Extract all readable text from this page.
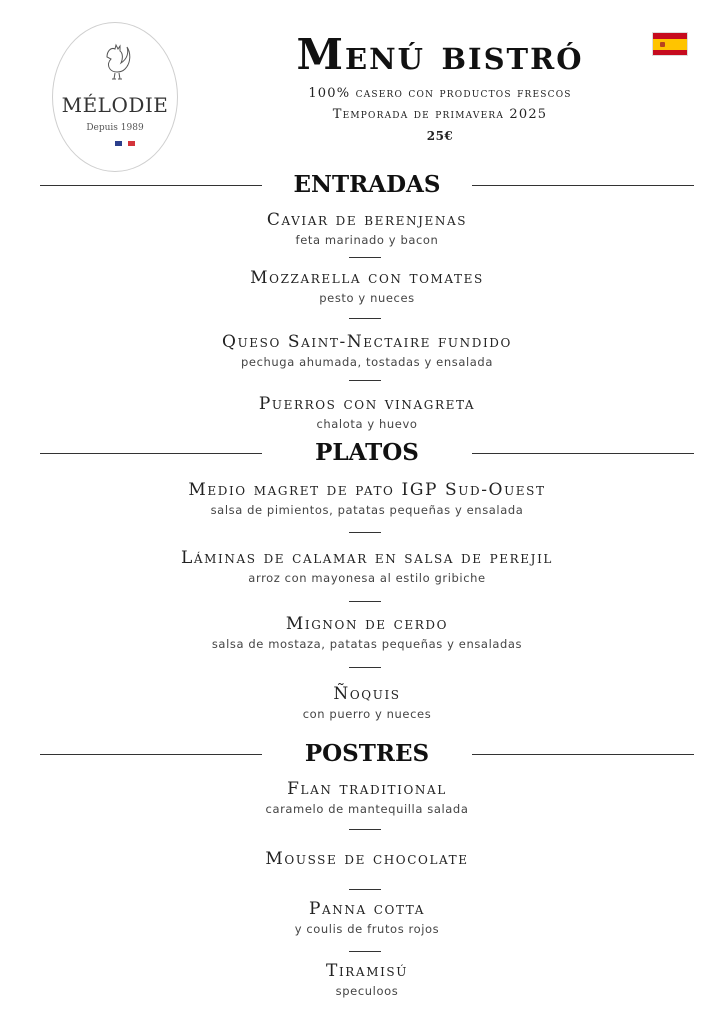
MÉLODIE
Depuis 1989
Menú bistró
100% casero con productos frescos
Temporada de primavera 2025
25€
ENTRADAS
Caviar de berenjenas
feta marinado y bacon
Mozzarella con tomates
pesto y nueces
Queso Saint-Nectaire fundido
pechuga ahumada, tostadas y ensalada
Puerros con vinagreta
chalota y huevo
PLATOS
Medio magret de pato IGP Sud-Ouest
salsa de pimientos, patatas pequeñas y ensalada
Láminas de calamar en salsa de perejil
arroz con mayonesa al estilo gribiche
Mignon de cerdo
salsa de mostaza, patatas pequeñas y ensaladas
Ñoquis
con puerro y nueces
POSTRES
Flan traditional
caramelo de mantequilla salada
Mousse de chocolate
Panna cotta
y coulis de frutos rojos
Tiramisú
speculoos
